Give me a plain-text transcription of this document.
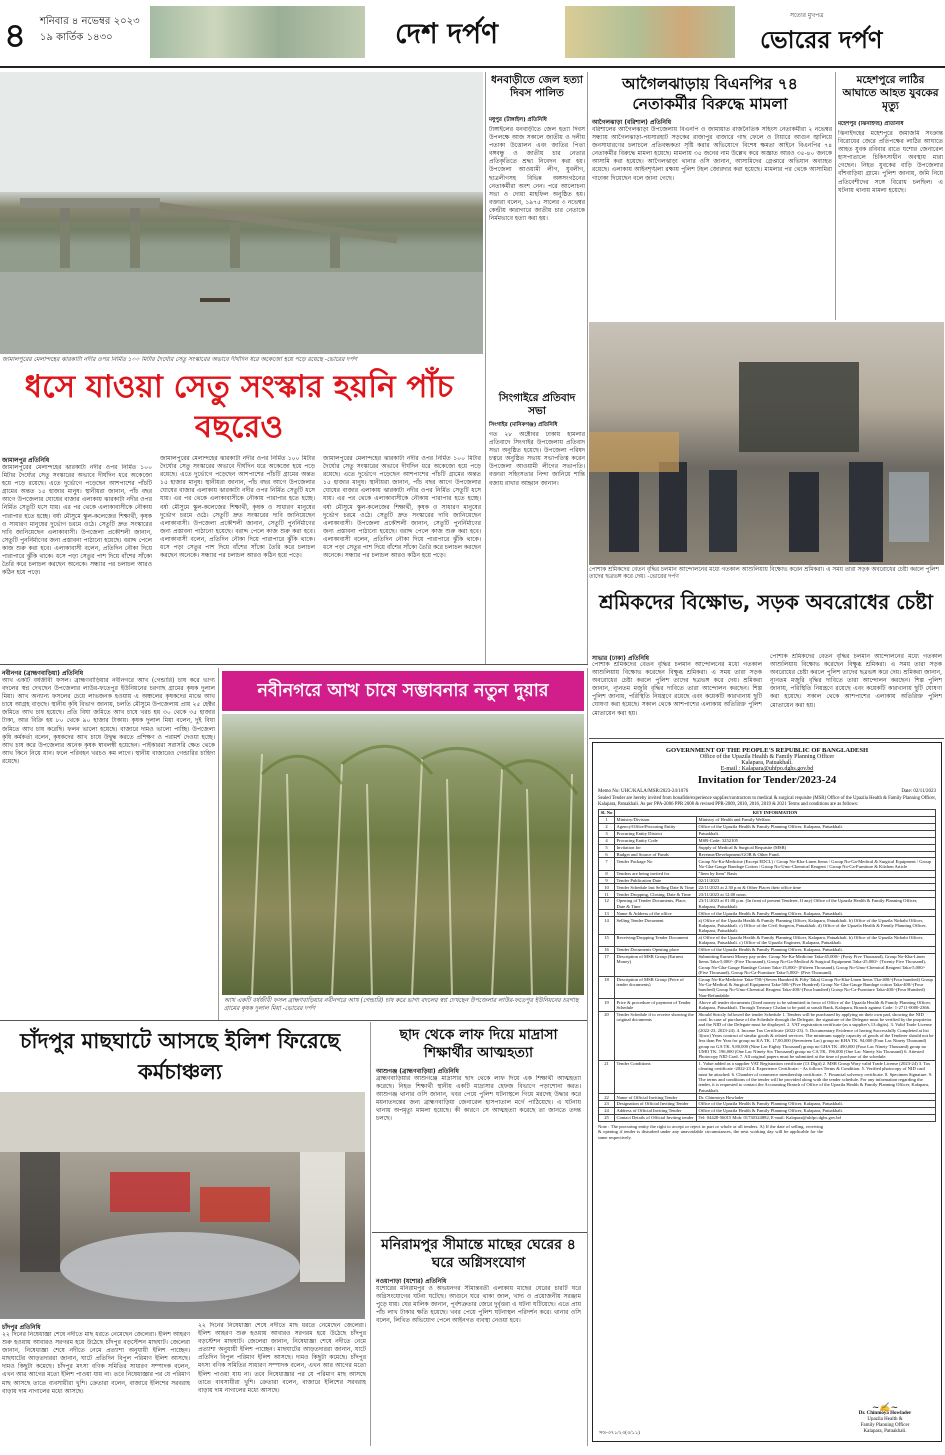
৪ শনিবার ৪ নভেম্বর ২০২৩
১৯ কার্তিক ১৪৩০	দেশ দর্পণ
সত্যের মুখপত্র
ভোরের দর্পণ
জামালপুরের মেলান্দহের ঝারকাটা নদীর ওপর নির্মিত ১০০ মিটার দৈর্ঘ্যের সেতু সংস্কারের অভাবে দীর্ঘদিন ধরে অকেজো হয়ে পড়ে রয়েছে -ভোরের দর্পণ
ধসে যাওয়া সেতু সংস্কার হয়নি পাঁচ বছরেও
জামালপুর প্রতিনিধি
জামালপুরের মেলান্দহের ঝারকাটা নদীর ওপর নির্মিত ১০০ মিটার দৈর্ঘ্যের সেতু সংস্কারের অভাবে দীর্ঘদিন ধরে অকেজো হয়ে পড়ে রয়েছে। এতে দুর্ভোগে পড়েছেন আশপাশের পাঁচটি গ্রামের অন্তত ১৫ হাজার মানুষ। স্থানীয়রা জানান, পাঁচ বছর আগে উপজেলার ঘোষের বাজার এলাকায় ঝারকাটা নদীর ওপর নির্মিত সেতুটি ধসে যায়। এর পর থেকে এলাকাবাসীকে নৌকায় পারাপার হতে হচ্ছে। বর্ষা মৌসুমে স্কুল-কলেজের শিক্ষার্থী, কৃষক ও সাধারণ মানুষের দুর্ভোগ চরমে ওঠে। সেতুটি দ্রুত সংস্কারের দাবি জানিয়েছেন এলাকাবাসী। উপজেলা প্রকৌশলী জানান, সেতুটি পুনর্নির্মাণের জন্য প্রস্তাবনা পাঠানো হয়েছে। বরাদ্দ পেলে কাজ শুরু করা হবে। এলাকাবাসী বলেন, প্রতিদিন নৌকা দিয়ে পারাপারে ঝুঁকি থাকে। ধসে পড়া সেতুর পাশ দিয়ে বাঁশের সাঁকো তৈরি করে চলাচল করছেন অনেকে। সন্ধ্যার পর চলাচল আরও কঠিন হয়ে পড়ে।
জামালপুরের মেলান্দহের ঝারকাটা নদীর ওপর নির্মিত ১০০ মিটার দৈর্ঘ্যের সেতু সংস্কারের অভাবে দীর্ঘদিন ধরে অকেজো হয়ে পড়ে রয়েছে। এতে দুর্ভোগে পড়েছেন আশপাশের পাঁচটি গ্রামের অন্তত ১৫ হাজার মানুষ। স্থানীয়রা জানান, পাঁচ বছর আগে উপজেলার ঘোষের বাজার এলাকায় ঝারকাটা নদীর ওপর নির্মিত সেতুটি ধসে যায়। এর পর থেকে এলাকাবাসীকে নৌকায় পারাপার হতে হচ্ছে। বর্ষা মৌসুমে স্কুল-কলেজের শিক্ষার্থী, কৃষক ও সাধারণ মানুষের দুর্ভোগ চরমে ওঠে। সেতুটি দ্রুত সংস্কারের দাবি জানিয়েছেন এলাকাবাসী। উপজেলা প্রকৌশলী জানান, সেতুটি পুনর্নির্মাণের জন্য প্রস্তাবনা পাঠানো হয়েছে। বরাদ্দ পেলে কাজ শুরু করা হবে। এলাকাবাসী বলেন, প্রতিদিন নৌকা দিয়ে পারাপারে ঝুঁকি থাকে। ধসে পড়া সেতুর পাশ দিয়ে বাঁশের সাঁকো তৈরি করে চলাচল করছেন অনেকে। সন্ধ্যার পর চলাচল আরও কঠিন হয়ে পড়ে।
জামালপুরের মেলান্দহের ঝারকাটা নদীর ওপর নির্মিত ১০০ মিটার দৈর্ঘ্যের সেতু সংস্কারের অভাবে দীর্ঘদিন ধরে অকেজো হয়ে পড়ে রয়েছে। এতে দুর্ভোগে পড়েছেন আশপাশের পাঁচটি গ্রামের অন্তত ১৫ হাজার মানুষ। স্থানীয়রা জানান, পাঁচ বছর আগে উপজেলার ঘোষের বাজার এলাকায় ঝারকাটা নদীর ওপর নির্মিত সেতুটি ধসে যায়। এর পর থেকে এলাকাবাসীকে নৌকায় পারাপার হতে হচ্ছে। বর্ষা মৌসুমে স্কুল-কলেজের শিক্ষার্থী, কৃষক ও সাধারণ মানুষের দুর্ভোগ চরমে ওঠে। সেতুটি দ্রুত সংস্কারের দাবি জানিয়েছেন এলাকাবাসী। উপজেলা প্রকৌশলী জানান, সেতুটি পুনর্নির্মাণের জন্য প্রস্তাবনা পাঠানো হয়েছে। বরাদ্দ পেলে কাজ শুরু করা হবে। এলাকাবাসী বলেন, প্রতিদিন নৌকা দিয়ে পারাপারে ঝুঁকি থাকে। ধসে পড়া সেতুর পাশ দিয়ে বাঁশের সাঁকো তৈরি করে চলাচল করছেন অনেকে। সন্ধ্যার পর চলাচল আরও কঠিন হয়ে পড়ে।
ধনবাড়ীতে জেল হত্যা দিবস পালিত
মধুপুর (টাঙ্গাইল) প্রতিনিধি
টাঙ্গাইলের ধনবাড়ীতে জেল হত্যা দিবস উপলক্ষে আজ সকালে জাতীয় ও দলীয় পতাকা উত্তোলন এবং জাতির পিতা বঙ্গবন্ধু ও জাতীয় চার নেতার প্রতিকৃতিতে শ্রদ্ধা নিবেদন করা হয়। উপজেলা আওয়ামী লীগ, যুবলীগ, ছাত্রলীগসহ বিভিন্ন অঙ্গসংগঠনের নেতাকর্মীরা অংশ নেন। পরে আলোচনা সভা ও দোয়া মাহফিল অনুষ্ঠিত হয়। বক্তারা বলেন, ১৯৭৫ সালের ৩ নভেম্বর কেন্দ্রীয় কারাগারে জাতীয় চার নেতাকে নির্মমভাবে হত্যা করা হয়।
সিংগাইরে প্রতিবাদ সভা
সিংগাইর (মানিকগঞ্জ) প্রতিনিধি
গত ২৮ অক্টোবর ঢাকায় হামলার প্রতিবাদে সিংগাইর উপজেলায় প্রতিবাদ সভা অনুষ্ঠিত হয়েছে। উপজেলা পরিষদ চত্বরে অনুষ্ঠিত সভায় সভাপতিত্ব করেন উপজেলা আওয়ামী লীগের সভাপতি। বক্তারা সহিংসতার নিন্দা জানিয়ে শান্তি বজায় রাখার আহ্বান জানান।
আগৈলঝাড়ায় বিএনপির ৭৪ নেতাকর্মীর বিরুদ্ধে মামলা
আগৈলঝাড়া (বরিশাল) প্রতিনিধি
বরিশালের আগৈলঝাড়া উপজেলায় বিএনপি ও জামায়াত রাজনৈতিক সহিংস নেতাকর্মীরা ২ নভেম্বর সন্ধ্যায় আগৈলঝাড়া-পয়সারহাট সড়কের রাজাপুর বাজারে গাছ ফেলে ও টায়ারে আগুন জ্বালিয়ে জনসাধারণের চলাচলে প্রতিবন্ধকতা সৃষ্টি করার অভিযোগে বিশেষ ক্ষমতা আইনে বিএনপির ৭৪ নেতাকর্মীর বিরুদ্ধে মামলা হয়েছে। মামলায় ৩৫ জনের নাম উল্লেখ করে অজ্ঞাত আরও ৩৫-৪০ জনকে আসামি করা হয়েছে। আগৈলঝাড়া থানার ওসি জানান, আসামিদের গ্রেপ্তারে অভিযান অব্যাহত রয়েছে। এলাকায় আইনশৃঙ্খলা রক্ষায় পুলিশ টহল জোরদার করা হয়েছে। মামলার পর থেকে আসামিরা গাঢাকা দিয়েছেন বলে জানা গেছে।
মহেশপুরে লাঠির আঘাতে আহত যুবকের মৃত্যু
মহেশপুর (ঝিনাইদহ) প্রতিনিধি
ঝিনাইদহের মহেশপুরে জমাজমি সংক্রান্ত বিরোধের জেরে প্রতিপক্ষের লাঠির আঘাতে আহত যুবক রবিবার রাতে যশোর জেনারেল হাসপাতালে চিকিৎসাধীন অবস্থায় মারা গেছেন। নিহত যুবকের বাড়ি উপজেলার বাঁশবাড়িয়া গ্রামে। পুলিশ জানায়, জমি নিয়ে প্রতিবেশীদের সঙ্গে বিরোধ চলছিল। এ ঘটনায় থানায় মামলা হয়েছে।
পোশাক শ্রমিকদের বেতন বৃদ্ধির চলমান আন্দোলনের মধ্যে গতকাল আশুলিয়ায় বিক্ষোভ করেন শ্রমিকরা। এ সময় তারা সড়ক অবরোধের চেষ্টা করলে পুলিশ তাদের ছত্রভঙ্গ করে দেয়। -ভোরের দর্পণ
শ্রমিকদের বিক্ষোভ, সড়ক অবরোধের চেষ্টা
সাভার (ঢাকা) প্রতিনিধি
পোশাক শ্রমিকদের বেতন বৃদ্ধির চলমান আন্দোলনের মধ্যে গতকাল আশুলিয়ায় বিক্ষোভ করেছেন বিক্ষুব্ধ শ্রমিকরা। এ সময় তারা সড়ক অবরোধের চেষ্টা করলে পুলিশ তাদের ছত্রভঙ্গ করে দেয়। শ্রমিকরা জানান, ন্যূনতম মজুরি বৃদ্ধির দাবিতে তারা আন্দোলন করছেন। শিল্প পুলিশ জানায়, পরিস্থিতি নিয়ন্ত্রণে রয়েছে এবং কয়েকটি কারখানায় ছুটি ঘোষণা করা হয়েছে। সকাল থেকে আশপাশের এলাকায় অতিরিক্ত পুলিশ মোতায়েন করা হয়।
পোশাক শ্রমিকদের বেতন বৃদ্ধির চলমান আন্দোলনের মধ্যে গতকাল আশুলিয়ায় বিক্ষোভ করেছেন বিক্ষুব্ধ শ্রমিকরা। এ সময় তারা সড়ক অবরোধের চেষ্টা করলে পুলিশ তাদের ছত্রভঙ্গ করে দেয়। শ্রমিকরা জানান, ন্যূনতম মজুরি বৃদ্ধির দাবিতে তারা আন্দোলন করছেন। শিল্প পুলিশ জানায়, পরিস্থিতি নিয়ন্ত্রণে রয়েছে এবং কয়েকটি কারখানায় ছুটি ঘোষণা করা হয়েছে। সকাল থেকে আশপাশের এলাকায় অতিরিক্ত পুলিশ মোতায়েন করা হয়।
নবীনগর (ব্রাহ্মণবাড়িয়া) প্রতিনিধি
আখ একটি বর্ষজীবী ফসল। ব্রাহ্মণবাড়িয়ার নবীনগরে আখ (গেন্ডারি) চাষ করে ভাগ্য বদলের স্বপ্ন দেখছেন উপজেলার লাউর-ফতেপুর ইউনিয়নের চরগাছ গ্রামের কৃষক দুলাল মিয়া। আখ অন্যান্য ফসলের চেয়ে লাভজনক হওয়ায় এ অঞ্চলের কৃষকদের মাঝে আখ চাষে আগ্রহ বাড়ছে। স্থানীয় কৃষি বিভাগ জানায়, চলতি মৌসুমে উপজেলায় প্রায় ২৫ হেক্টর জমিতে আখ চাষ হয়েছে। প্রতি বিঘা জমিতে আখ চাষে খরচ হয় ৩০ থেকে ৩৫ হাজার টাকা, আর বিক্রি হয় ৮০ থেকে ৯০ হাজার টাকায়। কৃষক দুলাল মিয়া বলেন, দুই বিঘা জমিতে আখ চাষ করেছি। ফলন ভালো হয়েছে। বাজারে দামও ভালো পাচ্ছি। উপজেলা কৃষি কর্মকর্তা বলেন, কৃষকদের আখ চাষে উদ্বুদ্ধ করতে প্রশিক্ষণ ও পরামর্শ দেওয়া হচ্ছে। আখ চাষ করে উপজেলার অনেক কৃষক স্বাবলম্বী হয়েছেন। পাইকাররা সরাসরি ক্ষেত থেকে আখ কিনে নিয়ে যান। ফলে পরিবহন খরচও কম লাগে। স্থানীয় বাজারেও গেন্ডারির চাহিদা রয়েছে।
নবীনগরে আখ চাষে সম্ভাবনার নতুন দুয়ার
আখ একটি বর্ষজীবী ফসল ব্রাহ্মণবাড়িয়ার নবীনগরে আখ (গেন্ডারি) চাষ করে ভাগ্য বদলের স্বপ্ন দেখছেন উপজেলার লাউর-ফতেপুর ইউনিয়নের চরগাছ গ্রামের কৃষক দুলাল মিয়া -ভোরের দর্পণ
চাঁদপুর মাছঘাটে আসছে ইলিশ ফিরেছে কর্মচাঞ্চল্য
চাঁদপুর প্রতিনিধি
২২ দিনের নিষেধাজ্ঞা শেষে নদীতে মাছ ধরতে নেমেছেন জেলেরা। ইলিশ আহরণ শুরু হওয়ায় আবারও সরগরম হয়ে উঠেছে চাঁদপুর বড়স্টেশন মাছঘাট। জেলেরা জানান, নিষেধাজ্ঞা শেষে নদীতে নেমে প্রত্যাশা অনুযায়ী ইলিশ পাচ্ছেন। মাছঘাটের আড়তদাররা জানান, ঘাটে প্রতিদিন বিপুল পরিমাণ ইলিশ আসছে। দামও কিছুটা কমেছে। চাঁদপুর মৎস্য বণিক সমিতির সাধারণ সম্পাদক বলেন, এখন আর আগের মতো ইলিশ পাওয়া যায় না। তবে নিষেধাজ্ঞার পর যে পরিমাণ মাছ আসছে তাতে ব্যবসায়ীরা খুশি। ক্রেতারা বলেন, বাজারে ইলিশের সরবরাহ বাড়ায় দাম নাগালের মধ্যে আসছে।
২২ দিনের নিষেধাজ্ঞা শেষে নদীতে মাছ ধরতে নেমেছেন জেলেরা। ইলিশ আহরণ শুরু হওয়ায় আবারও সরগরম হয়ে উঠেছে চাঁদপুর বড়স্টেশন মাছঘাট। জেলেরা জানান, নিষেধাজ্ঞা শেষে নদীতে নেমে প্রত্যাশা অনুযায়ী ইলিশ পাচ্ছেন। মাছঘাটের আড়তদাররা জানান, ঘাটে প্রতিদিন বিপুল পরিমাণ ইলিশ আসছে। দামও কিছুটা কমেছে। চাঁদপুর মৎস্য বণিক সমিতির সাধারণ সম্পাদক বলেন, এখন আর আগের মতো ইলিশ পাওয়া যায় না। তবে নিষেধাজ্ঞার পর যে পরিমাণ মাছ আসছে তাতে ব্যবসায়ীরা খুশি। ক্রেতারা বলেন, বাজারে ইলিশের সরবরাহ বাড়ায় দাম নাগালের মধ্যে আসছে।
ছাদ থেকে লাফ দিয়ে মাদ্রাসা শিক্ষার্থীর আত্মহত্যা
আশুগঞ্জ (ব্রাহ্মণবাড়িয়া) প্রতিনিধি
ব্রাহ্মণবাড়িয়ার আশুগঞ্জে মাদ্রাসার ছাদ থেকে লাফ দিয়ে এক শিক্ষার্থী আত্মহত্যা করেছে। নিহত শিক্ষার্থী স্থানীয় একটি মাদ্রাসার হেফজ বিভাগে পড়াশোনা করত। আশুগঞ্জ থানার ওসি জানান, খবর পেয়ে পুলিশ ঘটনাস্থলে গিয়ে মরদেহ উদ্ধার করে ময়নাতদন্তের জন্য ব্রাহ্মণবাড়িয়া জেনারেল হাসপাতাল মর্গে পাঠিয়েছে। এ ঘটনায় থানায় অপমৃত্যু মামলা হয়েছে। কী কারণে সে আত্মহত্যা করেছে তা জানতে তদন্ত চলছে।
মনিরামপুর সীমান্তে মাছের ঘেরের ৪ ঘরে অগ্নিসংযোগ
নওয়াপাড়া (যশোর) প্রতিনিধি
যশোরের মনিরামপুর ও অভয়নগর সীমান্তবর্তী এলাকায় মাছের ঘেরের চারটি ঘরে অগ্নিসংযোগের ঘটনা ঘটেছে। আগুনে ঘরে থাকা জাল, খাদ্য ও প্রয়োজনীয় সরঞ্জাম পুড়ে যায়। ঘের মালিক জানান, পূর্বশত্রুতার জেরে দুর্বৃত্তরা এ ঘটনা ঘটিয়েছে। এতে প্রায় পাঁচ লাখ টাকার ক্ষতি হয়েছে। খবর পেয়ে পুলিশ ঘটনাস্থল পরিদর্শন করে। থানার ওসি বলেন, লিখিত অভিযোগ পেলে আইনগত ব্যবস্থা নেওয়া হবে।
GOVERNMENT OF THE PEOPLE'S REPUBLIC OF BANGLADESH
Office of the Upazila Health & Family Planning Officer
Kalapara, Patuakhali.
E-mail : Kalapara@uhfpo.dghs.gov.bd
Invitation for Tender/2023-24
Memo No: UHC/KALA/MSR/2023-24/1076	Date: 02/11/2023
Sealed Tender are hereby invited from bonafide/experience supplier/contractors to medical & surgical requisite (MSR) Office of the Upazila Health & Family Planning Officer, Kalapara, Patuakhali. As per PPA-2006 PPR 2008 & revised PPR-2009, 2010, 2016, 2019 & 2021 Terms and conditions are as follows:
Sl. No	KEY INFORMATION	
1	Ministry/Division	Ministry of Health and Family Welfare.
2	Agency/Office/Procuring Entity	Office of the Upazila Health & Family Planning Officer, Kalapara, Patuakhali.
3	Procuring Entity District	Patuakhali.
4	Procuring Entity Code	MSR-Code: 3252105
5	Invitation for	Supply of Medical & Surgical Requisite (MSR)
6	Budget and Source of Funds	Revenue/Development/GOB & Other Fund.
7	Tender Package No	Group No-Ka-Medicine (Except EDCL) / Group No-Kha-Linen Items / Group No-Ga-Medical & Surgical Equipment / Group No-Gha-Gauge Bandage Cotton / Group No-Umo-Chemical Reagent / Group No-Ca-Furniture & Kitchen Article
8	Tenders are being invited for	"Item by Item" Basis
9	Tender Publication Date	02/11/2023
10	Tender Schedule last Selling Date & Time	22/11/2023 at 2.30 p.m & Other Places their office time
11	Tender Dropping, Closing, Date & Time	23/11/2023 at 12.00 noon.
12	Opening of Tender Documents, Place, Date & Time	23/11/2023 at 01.00 p.m. (In front of present Tenderer, If any) Office of the Upazila Health & Family Planning Officer, Kalapara, Patuakhali.
13	Name & Address of the office	Office of the Upazila Health & Family Planning Officer, Kalapara, Patuakhali.
14	Selling Tender Document	a) Office of the Upazila Health & Family Planning Officer, Kalapara, Patuakhali. b) Office of the Upazila Nirbahi Officer, Kalapara, Patuakhali. c) Office of the Civil Surgeon, Patuakhali. d) Office of the Upazila Health & Family Planning Officer, Kalapara, Patuakhali.
15	Receiving/Dropping Tender Document	a) Office of the Upazila Health & Family Planning Officer, Kalapara, Patuakhali. b) Office of the Upazila Nirbahi Officer, Kalapara, Patuakhali. c) Office of the Upazila Engineer, Kalapara, Patuakhali.
16	Tender Documents Opening place	Office of the Upazila Health & Family Planning Officer, Kalapara, Patuakhali.
17	Description of MSR Group (Earnest Money)	Submitting Earnest Money pay order. Group No-Ka-Medicine Taka-45,000/- (Forty Five Thousand), Group No-Kha-Linen Items Taka-5,000/- (Five Thousand), Group No-Ga-Medical & Surgical Equipment Taka-25,000/- (Twenty Five Thousand), Group No-Gha-Gauge Bandage Cotton Taka-15,000/- (Fifteen Thousand), Group No-Umo-Chemical Reagent Taka-5,000/- (Five Thousand), Group No-Ca-Furniture Taka-5,000/- (Five Thousand).
18	Description of MSR Group (Price of tender documents)	Group No-Ka-Medicine Taka-750/-(Seven Hundred & Fifty Taka) Group No-Kha-Linen Items Tka-400/-(Four hundred) Group No-Ga-Medical & Surgical Equipment Taka-500/-(Five Hundred) Group No-Gha-Gauge Bandage cotton Taka-400/-(Four hundred) Group No-Umo-Chemical Reagent Taka-400/-(Four hundred) Group No-Ca-Furniture Taka-400/-(Four Hundred) Non-Refundable.
19	Price & procedure of payment of Tender Schedule	Above all tender documents (fixed money to be submitted in favor of Office of the Upazila Health & Family Planning Officer, Kalapara, Patuakhali. Through Treasury Chalan to be paid at sonali Bank, Kalapara, Branch against Code: 1-2711-0000-2366.
20	Tender Schedule if to receive showing the original documents	Should Strictly followed the tender Schedule 1. Tenders will be purchased by applying on their own pad, showing the NID card. In case of purchase of the Schedule through the Delegate, the signature of the Delegate must be verified by the proprietor and the NID of the Delegate must be displayed. 2. VAT registration certificate (as a supplier's 13 digits). 3. Valid Trade License (2022-23, 2023-24). 4. Income Tax Certificate (2022-23). 5. Documentary Evidence of having Successfully Completed at list 3(two) Years contract of similar goods & related services. The minimum supply capacity of goods of the Tenderer should not be less than Per Year for group no KA TK. 17,00,000 (Seventeen Lac) group no KHA TK. 94,000 (Four Lac Ninety Thousand) group no GA TK. 9,80,000 (Nine Lac Eighty Thousand) group no GHA TK. 490,000 (Four Lac Ninety Thousand) group no UMO TK. 196,000 (One Lac Ninety Six Thousand) group no CA TK. 196,000 (One Lac Ninety Six Thousand) 6. Attested Photocopy NID Card. 7. All original papers must be submitted at the time of purchase of the schedule.
21	Tender Conditions	1. Value added as a supplier VAT Registration certificate (13 Digit) 2. MSR Group Wary valid Trade License (2023-24) 3. Tax clearing certificate -2022-23 4. Experience Certificate: - As follows Terms & Condition. 5. Verified photocopy of NID card must be attached. 6. Chamber of commerce membership certificate. 7. Financial solvency certificate. 8. Specimen Signature. 9. The terms and conditions of the tender will be provided along with the tender schedule. For any information regarding the tender, it is requested to contact the Accounting Branch of Office of the Upazila Health & Family Planning Officer, Kalapara, Patuakhali.
22	Name of Official Inviting Tender	Dr. Chinmoya Howlader
23	Designation of Official Inviting Tender	Office of the Upazila Health & Family Planning Officer, Kalapara, Patuakhali.
24	Address of Official Inviting Tender	Office of the Upazila Health & Family Planning Officer, Kalapara, Patuakhali.
25	Contact Details of Official Inviting tender	Tel: 04428-56015 Mob: 01730324882, E-mail: Kalapara@uhfpo.dghs.gov.bd
Note : The procuring entity the right to accept or reject in part or whole or all tenders. A) If the date of selling, receiving & opening if tender is disturbed under any unavoidable circumstances, the next working day will be applicable for the same respectively.
~✍~
Dr. Chinmoya Howlader
Upazila Health &
Family Planning Officer
Kalapara, Patuakhali.
সও-৩৭১/২৩(৩/১১)
